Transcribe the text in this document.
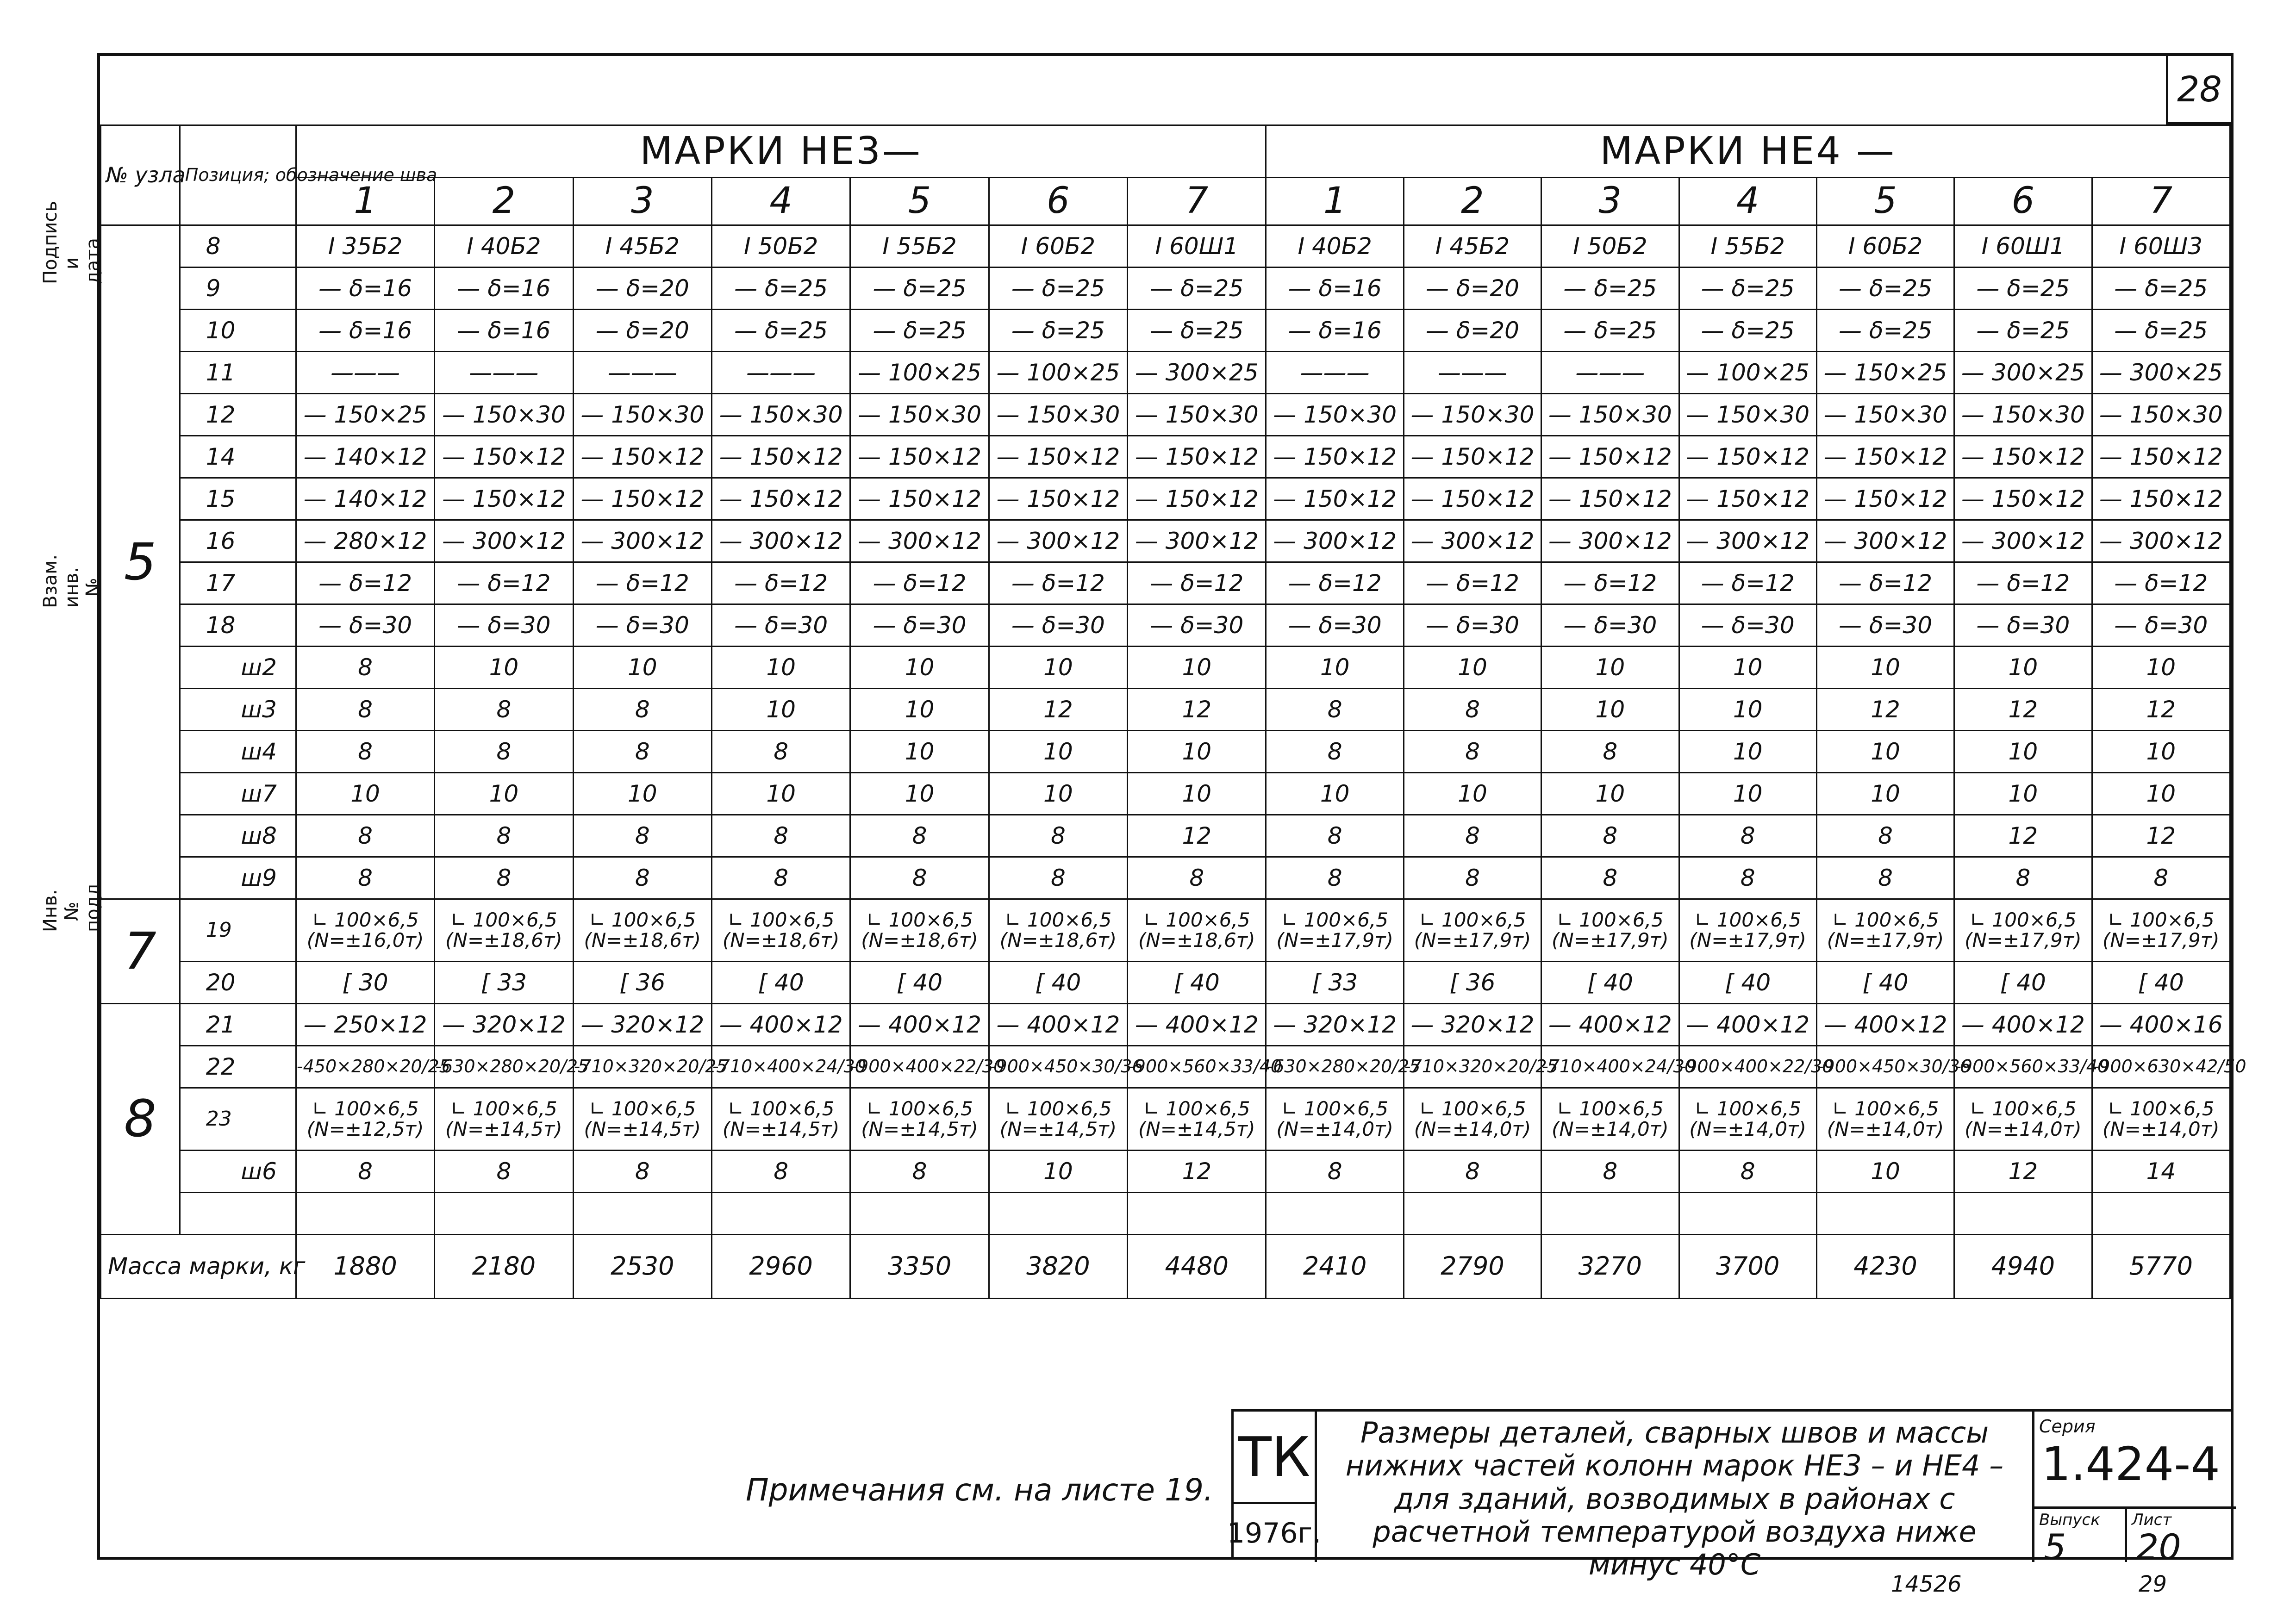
Подпись и дата
Взам. инв. №
Инв. № подл.
28
№ узла	Позиция; обозначение шва	МАРКИ НЕ3—							МАРКИ НЕ4 —						
		1	2	3	4	5	6	7	1	2	3	4	5	6	7
5	8	I 35Б2	I 40Б2	I 45Б2	I 50Б2	I 55Б2	I 60Б2	I 60Ш1	I 40Б2	I 45Б2	I 50Б2	I 55Б2	I 60Б2	I 60Ш1	I 60Ш3
	9	— δ=16	— δ=16	— δ=20	— δ=25	— δ=25	— δ=25	— δ=25	— δ=16	— δ=20	— δ=25	— δ=25	— δ=25	— δ=25	— δ=25
	10	— δ=16	— δ=16	— δ=20	— δ=25	— δ=25	— δ=25	— δ=25	— δ=16	— δ=20	— δ=25	— δ=25	— δ=25	— δ=25	— δ=25
	11	———	———	———	———	— 100×25	— 100×25	— 300×25	———	———	———	— 100×25	— 150×25	— 300×25	— 300×25
	12	— 150×25	— 150×30	— 150×30	— 150×30	— 150×30	— 150×30	— 150×30	— 150×30	— 150×30	— 150×30	— 150×30	— 150×30	— 150×30	— 150×30
	14	— 140×12	— 150×12	— 150×12	— 150×12	— 150×12	— 150×12	— 150×12	— 150×12	— 150×12	— 150×12	— 150×12	— 150×12	— 150×12	— 150×12
	15	— 140×12	— 150×12	— 150×12	— 150×12	— 150×12	— 150×12	— 150×12	— 150×12	— 150×12	— 150×12	— 150×12	— 150×12	— 150×12	— 150×12
	16	— 280×12	— 300×12	— 300×12	— 300×12	— 300×12	— 300×12	— 300×12	— 300×12	— 300×12	— 300×12	— 300×12	— 300×12	— 300×12	— 300×12
	17	— δ=12	— δ=12	— δ=12	— δ=12	— δ=12	— δ=12	— δ=12	— δ=12	— δ=12	— δ=12	— δ=12	— δ=12	— δ=12	— δ=12
	18	— δ=30	— δ=30	— δ=30	— δ=30	— δ=30	— δ=30	— δ=30	— δ=30	— δ=30	— δ=30	— δ=30	— δ=30	— δ=30	— δ=30
	ш2	8	10	10	10	10	10	10	10	10	10	10	10	10	10
	ш3	8	8	8	10	10	12	12	8	8	10	10	12	12	12
	ш4	8	8	8	8	10	10	10	8	8	8	10	10	10	10
	ш7	10	10	10	10	10	10	10	10	10	10	10	10	10	10
	ш8	8	8	8	8	8	8	12	8	8	8	8	8	12	12
	ш9	8	8	8	8	8	8	8	8	8	8	8	8	8	8
7	19	∟ 100×6,5 (N=±16,0т)	∟ 100×6,5 (N=±18,6т)	∟ 100×6,5 (N=±18,6т)	∟ 100×6,5 (N=±18,6т)	∟ 100×6,5 (N=±18,6т)	∟ 100×6,5 (N=±18,6т)	∟ 100×6,5 (N=±18,6т)	∟ 100×6,5 (N=±17,9т)	∟ 100×6,5 (N=±17,9т)	∟ 100×6,5 (N=±17,9т)	∟ 100×6,5 (N=±17,9т)	∟ 100×6,5 (N=±17,9т)	∟ 100×6,5 (N=±17,9т)	∟ 100×6,5 (N=±17,9т)
	20	[ 30	[ 33	[ 36	[ 40	[ 40	[ 40	[ 40	[ 33	[ 36	[ 40	[ 40	[ 40	[ 40	[ 40
8	21	— 250×12	— 320×12	— 320×12	— 400×12	— 400×12	— 400×12	— 400×12	— 320×12	— 320×12	— 400×12	— 400×12	— 400×12	— 400×12	— 400×16
	22	-450×280×20/25	-630×280×20/25	-710×320×20/25	-710×400×24/30	-900×400×22/30	-900×450×30/36	-900×560×33/40	-630×280×20/25	-710×320×20/25	-710×400×24/30	-900×400×22/30	-900×450×30/36	-900×560×33/40	-900×630×42/50
	23	∟ 100×6,5 (N=±12,5т)	∟ 100×6,5 (N=±14,5т)	∟ 100×6,5 (N=±14,5т)	∟ 100×6,5 (N=±14,5т)	∟ 100×6,5 (N=±14,5т)	∟ 100×6,5 (N=±14,5т)	∟ 100×6,5 (N=±14,5т)	∟ 100×6,5 (N=±14,0т)	∟ 100×6,5 (N=±14,0т)	∟ 100×6,5 (N=±14,0т)	∟ 100×6,5 (N=±14,0т)	∟ 100×6,5 (N=±14,0т)	∟ 100×6,5 (N=±14,0т)	∟ 100×6,5 (N=±14,0т)
	ш6	8	8	8	8	8	10	12	8	8	8	8	10	12	14

Масса марки, кг		1880	2180	2530	2960	3350	3820	4480	2410	2790	3270	3700	4230	4940	5770
Примечания см. на листе 19.
ТК
1976г.
Размеры деталей, сварных швов и массы нижних частей колонн марок НЕ3 – и НЕ4 – для зданий, возводимых в районах с расчетной температурой воздуха ниже минус 40°С
Серия
1.424-4
Выпуск
5
Лист
20
14526	29
